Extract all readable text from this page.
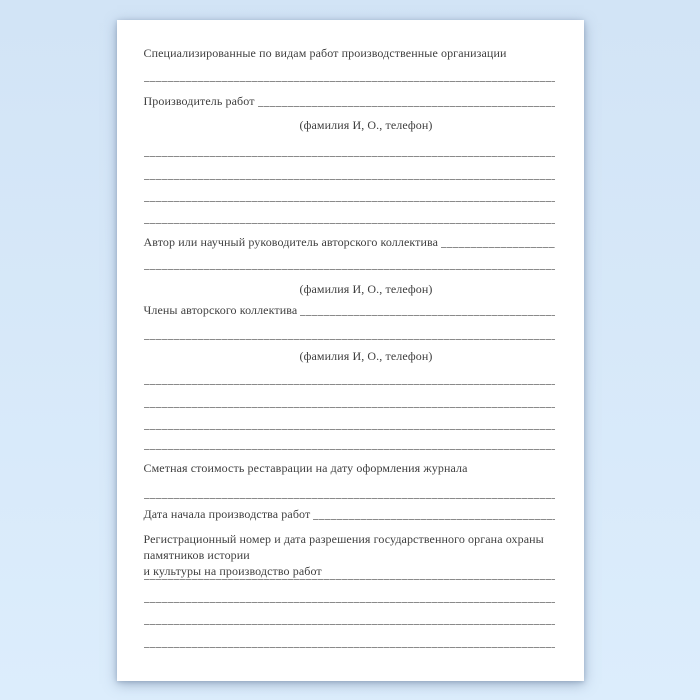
Специализированные по видам работ производственные организации
Производитель работ
(фамилия И, О., телефон)
Автор или научный руководитель авторского коллектива
(фамилия И, О., телефон)
Члены авторского коллектива
(фамилия И, О., телефон)
Сметная стоимость реставрации на дату оформления журнала
Дата начала производства работ
Регистрационный номер и дата разрешения государственного органа охраны памятников истории
и культуры на производство работ
